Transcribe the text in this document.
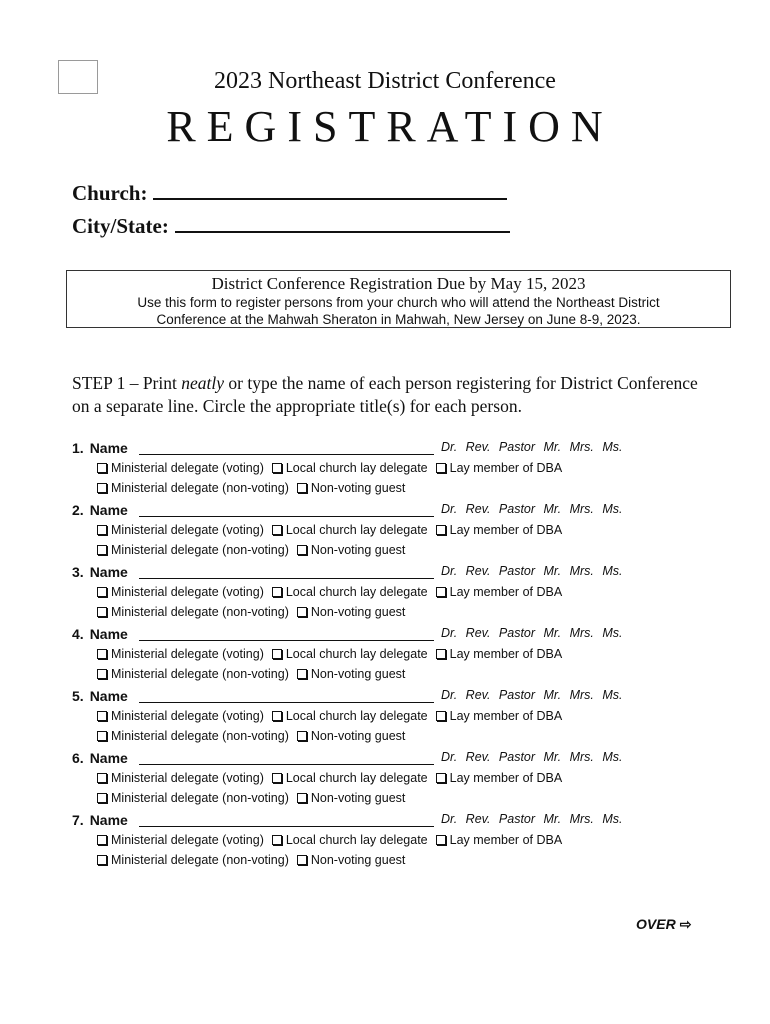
2023 Northeast District Conference
REGISTRATION
Church:
City/State:
District Conference Registration Due by May 15, 2023
Use this form to register persons from your church who will attend the Northeast District
Conference at the Mahwah Sheraton in Mahwah, New Jersey on June 8-9, 2023.
STEP 1 – Print neatly or type the name of each person registering for District Conference on a separate line. Circle the appropriate title(s) for each person.
1. Name	Dr. Rev. Pastor Mr. Mrs. Ms.
Ministerial delegate (voting) Local church lay delegate Lay member of DBA
Ministerial delegate (non-voting) Non-voting guest
2. Name	Dr. Rev. Pastor Mr. Mrs. Ms.
Ministerial delegate (voting) Local church lay delegate Lay member of DBA
Ministerial delegate (non-voting) Non-voting guest
3. Name	Dr. Rev. Pastor Mr. Mrs. Ms.
Ministerial delegate (voting) Local church lay delegate Lay member of DBA
Ministerial delegate (non-voting) Non-voting guest
4. Name	Dr. Rev. Pastor Mr. Mrs. Ms.
Ministerial delegate (voting) Local church lay delegate Lay member of DBA
Ministerial delegate (non-voting) Non-voting guest
5. Name	Dr. Rev. Pastor Mr. Mrs. Ms.
Ministerial delegate (voting) Local church lay delegate Lay member of DBA
Ministerial delegate (non-voting) Non-voting guest
6. Name	Dr. Rev. Pastor Mr. Mrs. Ms.
Ministerial delegate (voting) Local church lay delegate Lay member of DBA
Ministerial delegate (non-voting) Non-voting guest
7. Name	Dr. Rev. Pastor Mr. Mrs. Ms.
Ministerial delegate (voting) Local church lay delegate Lay member of DBA
Ministerial delegate (non-voting) Non-voting guest
OVER ⇨
